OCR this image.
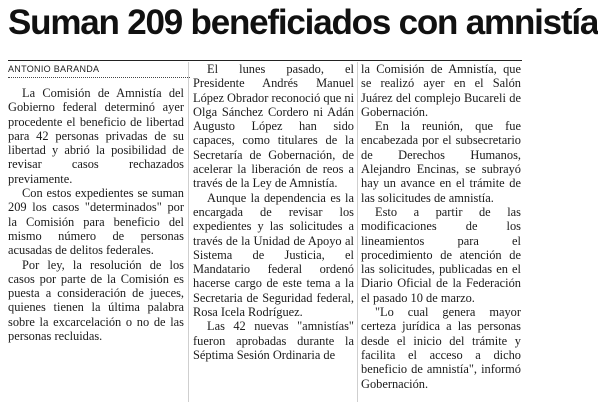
Suman 209 beneficiados con amnistía
ANTONIO BARANDA

La Comisión de Amnistía del Gobierno federal determinó ayer procedente el beneficio de libertad para 42 personas privadas de su libertad y abrió la posibilidad de revisar casos rechazados previamente.

Con estos expedientes se suman 209 los casos "determinados" por la Comisión para beneficio del mismo número de personas acusadas de delitos federales.

Por ley, la resolución de los casos por parte de la Comisión es puesta a consideración de jueces, quienes tienen la última palabra sobre la excarcelación o no de las personas recluidas.

El lunes pasado, el Presidente Andrés Manuel López Obrador reconoció que ni Olga Sánchez Cordero ni Adán Augusto López han sido capaces, como titulares de la Secretaría de Gobernación, de acelerar la liberación de reos a través de la Ley de Amnistía.

Aunque la dependencia es la encargada de revisar los expedientes y las solicitudes a través de la Unidad de Apoyo al Sistema de Justicia, el Mandatario federal ordenó hacerse cargo de este tema a la Secretaria de Seguridad federal, Rosa Icela Rodríguez.

Las 42 nuevas "amnistías" fueron aprobadas durante la Séptima Sesión Ordinaria de

la Comisión de Amnistía, que se realizó ayer en el Salón Juárez del complejo Bucareli de Gobernación.

En la reunión, que fue encabezada por el subsecretario de Derechos Humanos, Alejandro Encinas, se subrayó hay un avance en el trámite de las solicitudes de amnistía.

Esto a partir de las modificaciones de los lineamientos para el procedimiento de atención de las solicitudes, publicadas en el Diario Oficial de la Federación el pasado 10 de marzo.

"Lo cual genera mayor certeza jurídica a las personas desde el inicio del trámite y facilita el acceso a dicho beneficio de amnistía", informó Gobernación.
